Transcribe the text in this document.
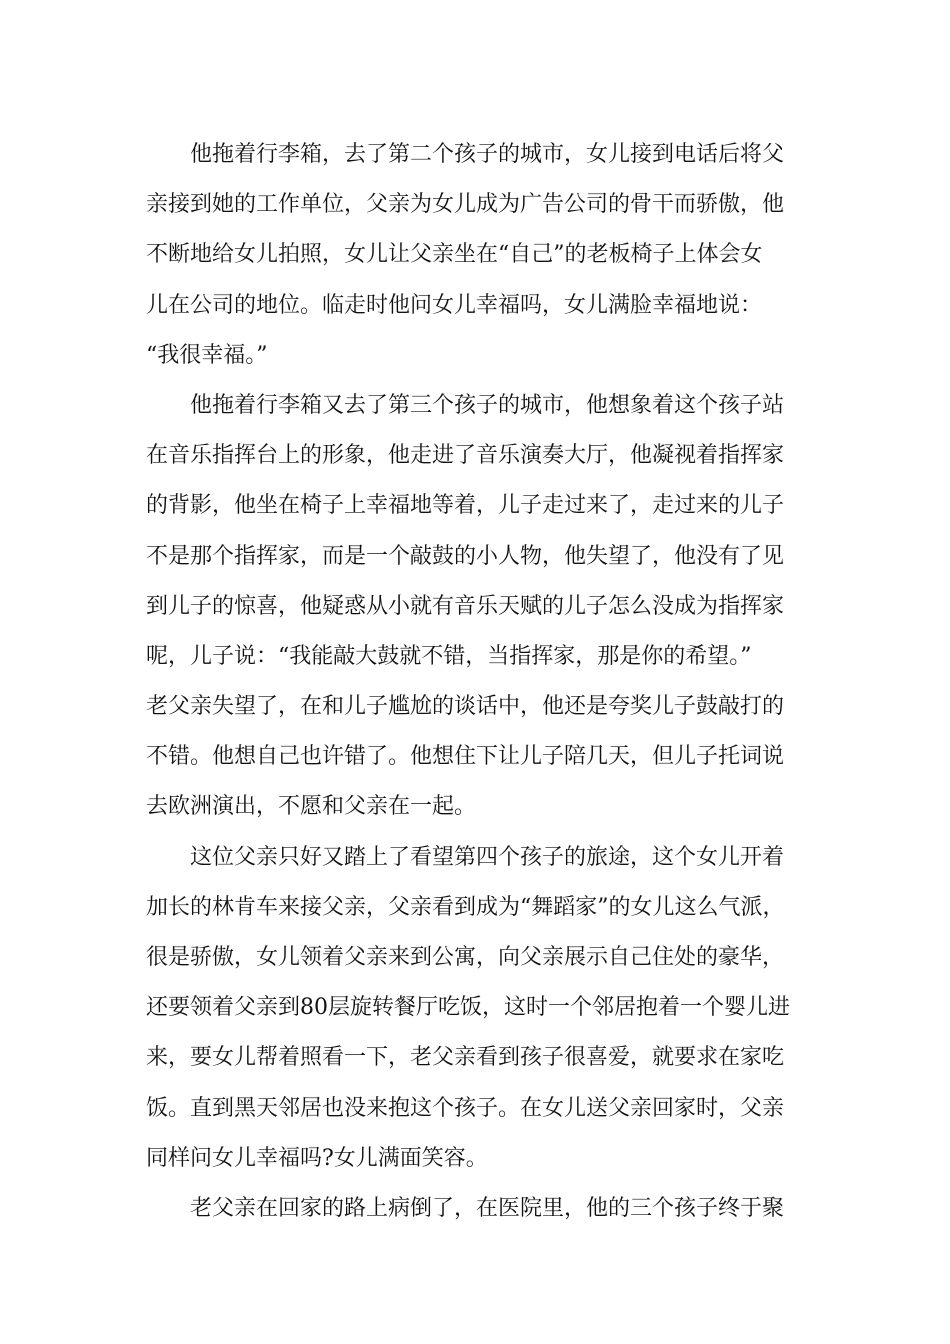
他拖着行李箱，去了第二个孩子的城市，女儿接到电话后将父
亲接到她的工作单位，父亲为女儿成为广告公司的骨干而骄傲，他
不断地给女儿拍照，女儿让父亲坐在“自己”的老板椅子上体会女
儿在公司的地位。临走时他问女儿幸福吗，女儿满脸幸福地说：
“我很幸福。”
他拖着行李箱又去了第三个孩子的城市，他想象着这个孩子站
在音乐指挥台上的形象，他走进了音乐演奏大厅，他凝视着指挥家
的背影，他坐在椅子上幸福地等着，儿子走过来了，走过来的儿子
不是那个指挥家，而是一个敲鼓的小人物，他失望了，他没有了见
到儿子的惊喜，他疑惑从小就有音乐天赋的儿子怎么没成为指挥家
呢，儿子说：“我能敲大鼓就不错，当指挥家，那是你的希望。”
老父亲失望了，在和儿子尴尬的谈话中，他还是夸奖儿子鼓敲打的
不错。他想自己也许错了。他想住下让儿子陪几天，但儿子托词说
去欧洲演出，不愿和父亲在一起。
这位父亲只好又踏上了看望第四个孩子的旅途，这个女儿开着
加长的林肯车来接父亲，父亲看到成为“舞蹈家”的女儿这么气派，
很是骄傲，女儿领着父亲来到公寓，向父亲展示自己住处的豪华，
还要领着父亲到80层旋转餐厅吃饭，这时一个邻居抱着一个婴儿进
来，要女儿帮着照看一下，老父亲看到孩子很喜爱，就要求在家吃
饭。直到黑天邻居也没来抱这个孩子。在女儿送父亲回家时，父亲
同样问女儿幸福吗?女儿满面笑容。
老父亲在回家的路上病倒了，在医院里，他的三个孩子终于聚
